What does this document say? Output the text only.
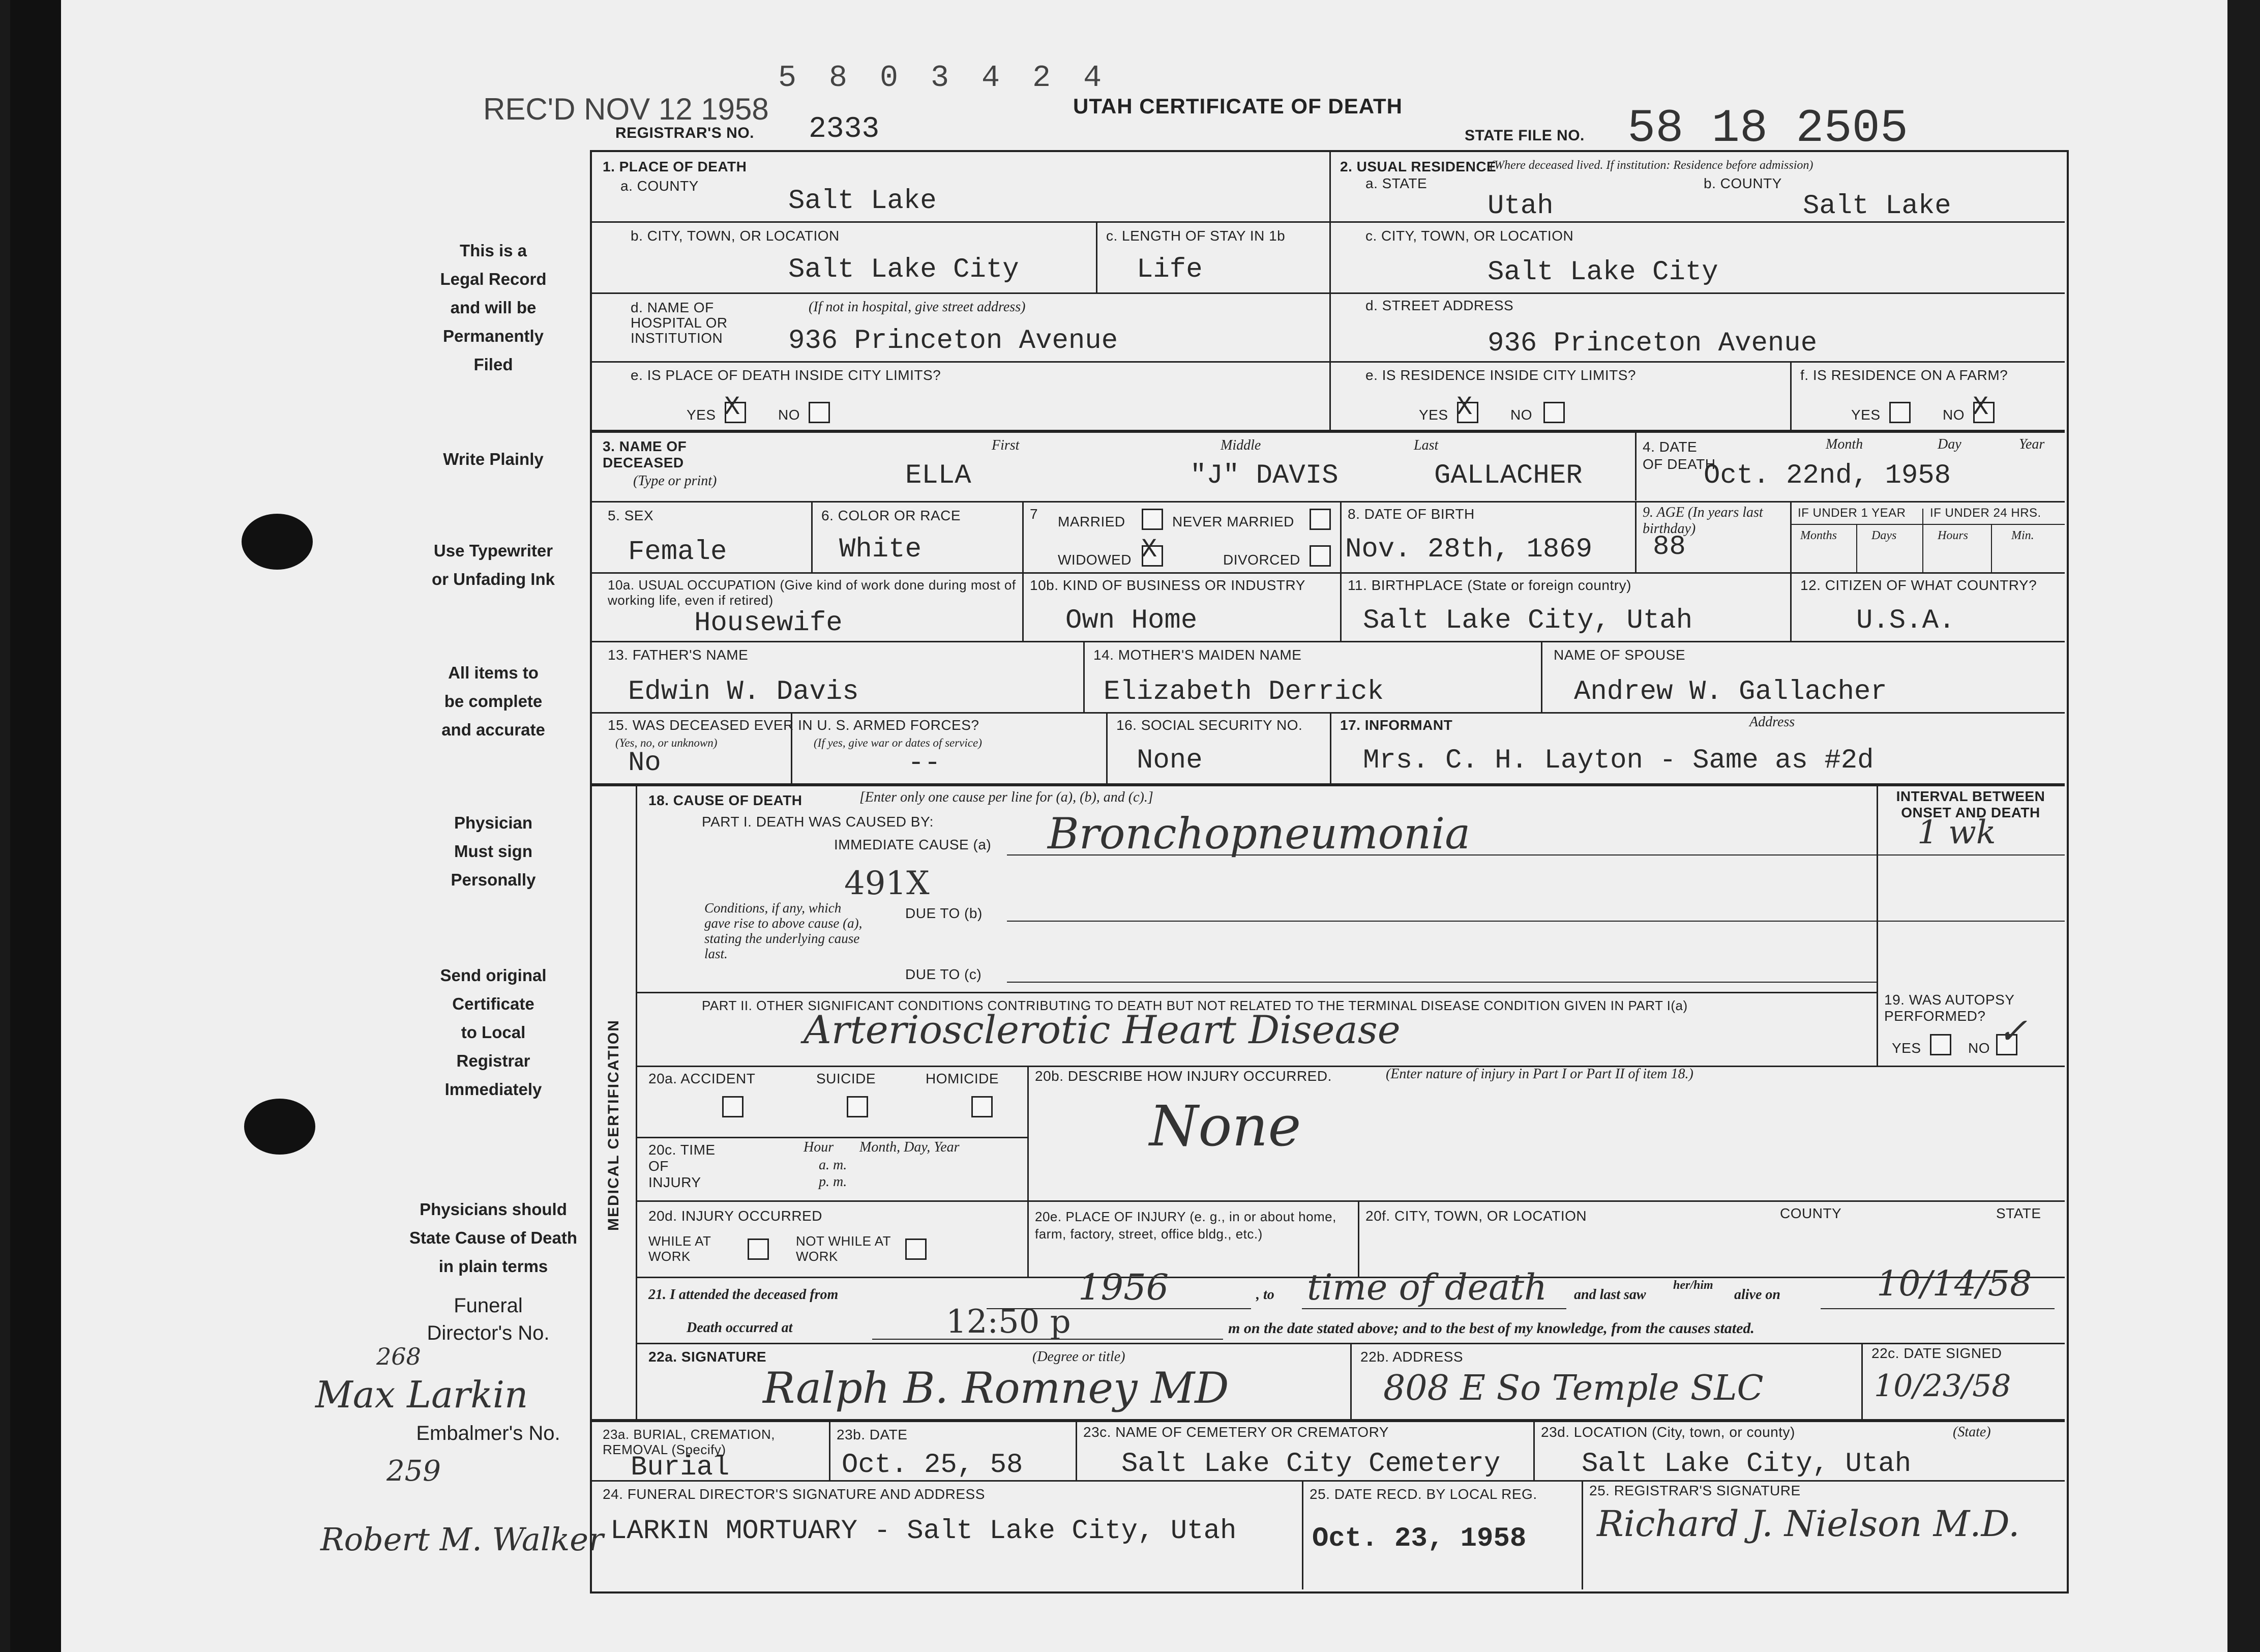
REC'D NOV 12 1958
5 8 0 3 4 2 4
REGISTRAR'S NO. 2333
UTAH CERTIFICATE OF DEATH
STATE FILE NO. 58 18 2505
This is a
Legal Record
and will be
Permanently
Filed
Write Plainly
Use Typewriter
or Unfading Ink
All items to
be complete
and accurate
Physician
Must sign
Personally
Send original
Certificate
to Local
Registrar
Immediately
Physicians should
State Cause of Death
in plain terms
Funeral
Director's No.
268
Max Larkin
Embalmer's No.
259
Robert M. Walker
1. PLACE OF DEATH
a. COUNTY	Salt Lake
2. USUAL RESIDENCE
(Where deceased lived. If institution: Residence before admission)
a. STATE
Utah
b. COUNTY
Salt Lake
b. CITY, TOWN, OR LOCATION
Salt Lake City
c. LENGTH OF STAY IN 1b
Life
c. CITY, TOWN, OR LOCATION
Salt Lake City
d. NAME OF HOSPITAL OR INSTITUTION
(If not in hospital, give street address)
936 Princeton Avenue
d. STREET ADDRESS
936 Princeton Avenue
e. IS PLACE OF DEATH INSIDE CITY LIMITS?
YES X	NO
e. IS RESIDENCE INSIDE CITY LIMITS?
YES X	NO
f. IS RESIDENCE ON A FARM?
YES	NO X
3. NAME OF DECEASED
(Type or print)
First	Middle	Last
ELLA	"J" DAVIS	GALLACHER
4. DATE OF DEATH
Month	Day	Year
Oct. 22nd, 1958
5. SEX
Female
6. COLOR OR RACE
White
7 MARRIED	NEVER MARRIED
WIDOWED X	DIVORCED
8. DATE OF BIRTH
Nov. 28th, 1869
9. AGE (In years last birthday)
88
IF UNDER 1 YEAR IF UNDER 24 HRS.
Months	Days	Hours	Min.
10a. USUAL OCCUPATION (Give kind of work done during most of working life, even if retired)
Housewife
10b. KIND OF BUSINESS OR INDUSTRY
Own Home
11. BIRTHPLACE (State or foreign country)
Salt Lake City, Utah
12. CITIZEN OF WHAT COUNTRY?
U.S.A.
13. FATHER'S NAME
Edwin W. Davis
14. MOTHER'S MAIDEN NAME
Elizabeth Derrick
NAME OF SPOUSE
Andrew W. Gallacher
15. WAS DECEASED EVER IN U. S. ARMED FORCES?
(Yes, no, or unknown)	(If yes, give war or dates of service)
No	--
16. SOCIAL SECURITY NO.
None
17. INFORMANT	Address
Mrs. C. H. Layton - Same as #2d
MEDICAL CERTIFICATION
18. CAUSE OF DEATH	[Enter only one cause per line for (a), (b), and (c).]
PART I. DEATH WAS CAUSED BY:
IMMEDIATE CAUSE (a) Bronchopneumonia
491X
Conditions, if any, which gave rise to above cause (a), stating the underlying cause last.
DUE TO (b)
DUE TO (c)
INTERVAL BETWEEN ONSET AND DEATH
1 wk
PART II. OTHER SIGNIFICANT CONDITIONS CONTRIBUTING TO DEATH BUT NOT RELATED TO THE TERMINAL DISEASE CONDITION GIVEN IN PART I(a)
Arteriosclerotic Heart Disease
19. WAS AUTOPSY PERFORMED?
YES	NO ✓
20a. ACCIDENT	SUICIDE	HOMICIDE	20b. DESCRIBE HOW INJURY OCCURRED.	(Enter nature of injury in Part I or Part II of item 18.)
None
20c. TIME OF INJURY
Hour
a. m.
p. m.
Month, Day, Year
20d. INJURY OCCURRED
WHILE AT WORK
NOT WHILE AT WORK
20e. PLACE OF INJURY (e. g., in or about home, farm, factory, street, office bldg., etc.)
20f. CITY, TOWN, OR LOCATION	COUNTY	STATE
21. I attended the deceased from	1956	, to time of death and last saw
her/him
alive on	10/14/58
Death occurred at	12:50 p	m on the date stated above; and to the best of my knowledge, from the causes stated.
22a. SIGNATURE	(Degree or title)
Ralph B. Romney MD
22b. ADDRESS
808 E So Temple SLC
22c. DATE SIGNED
10/23/58
23a. BURIAL, CREMATION, REMOVAL (Specify)
Burial
23b. DATE
Oct. 25, 58
23c. NAME OF CEMETERY OR CREMATORY
Salt Lake City Cemetery
23d. LOCATION (City, town, or county)	(State)
Salt Lake City, Utah
24. FUNERAL DIRECTOR'S SIGNATURE AND ADDRESS
LARKIN MORTUARY - Salt Lake City, Utah
25. DATE RECD. BY LOCAL REG.
Oct. 23, 1958
25. REGISTRAR'S SIGNATURE
Richard J. Nielson M.D.
